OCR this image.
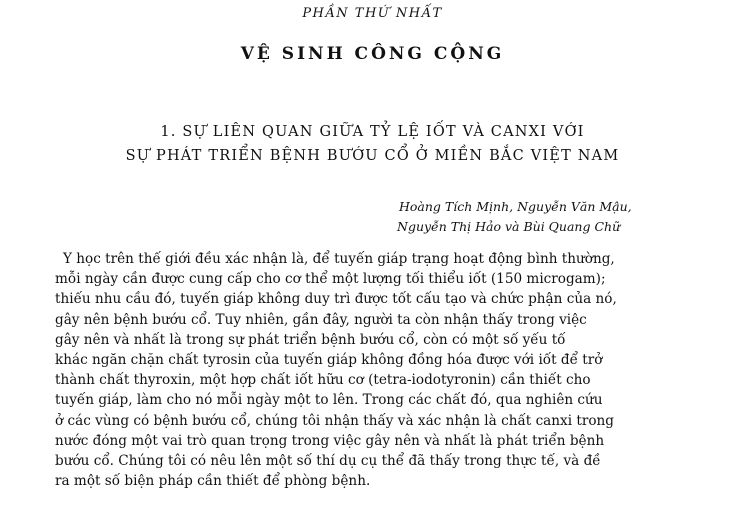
PHẦN THỨ NHẤT
VỆ SINH CÔNG CỘNG
1. SỰ LIÊN QUAN GIỮA TỶ LỆ IỐT VÀ CANXI VỚI
SỰ PHÁT TRIỂN BỆNH BƯỚU CỔ Ở MIỀN BẮC VIỆT NAM
Hoàng Tích Mịnh, Nguyễn Văn Mậu,
Nguyễn Thị Hảo và Bùi Quang Chữ
Y học trên thế giới đều xác nhận là, để tuyến giáp trạng hoạt động bình thường,
mỗi ngày cần được cung cấp cho cơ thể một lượng tối thiểu iốt (150 microgam);
thiếu nhu cầu đó, tuyến giáp không duy trì được tốt cấu tạo và chức phận của nó,
gây nên bệnh bướu cổ. Tuy nhiên, gần đây, người ta còn nhận thấy trong việc
gây nên và nhất là trong sự phát triển bệnh bướu cổ, còn có một số yếu tố
khác ngăn chặn chất tyrosin của tuyến giáp không đồng hóa được với iốt để trở
thành chất thyroxin, một hợp chất iốt hữu cơ (tetra-iodotyronin) cần thiết cho
tuyến giáp, làm cho nó mỗi ngày một to lên. Trong các chất đó, qua nghiên cứu
ở các vùng có bệnh bướu cổ, chúng tôi nhận thấy và xác nhận là chất canxi trong
nước đóng một vai trò quan trọng trong việc gây nên và nhất là phát triển bệnh
bướu cổ. Chúng tôi có nêu lên một số thí dụ cụ thể đã thấy trong thực tế, và đề
ra một số biện pháp cần thiết để phòng bệnh.
